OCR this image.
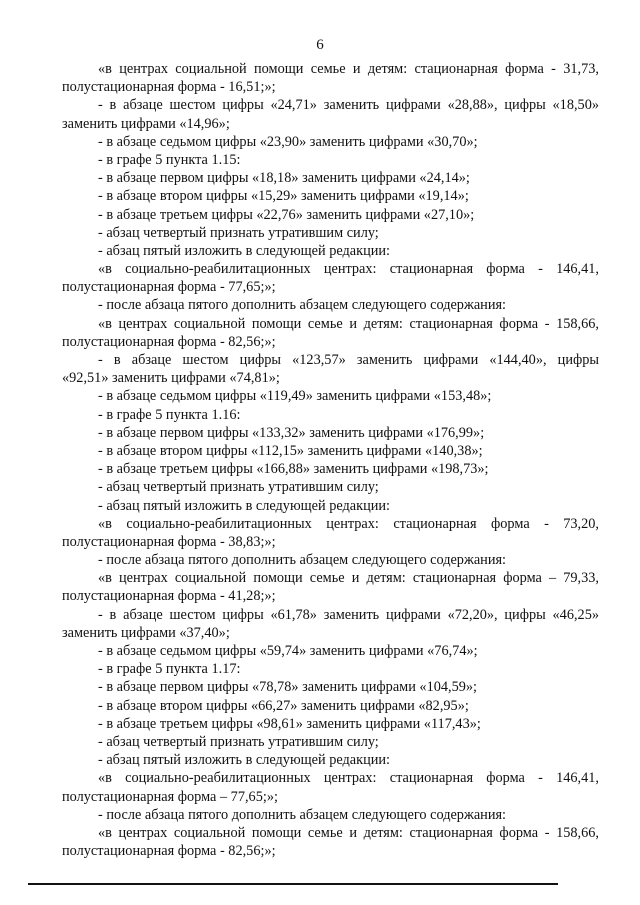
6
«в центрах социальной помощи семье и детям: стационарная форма - 31,73,
полустационарная форма - 16,51;»;
- в абзаце шестом цифры «24,71» заменить цифрами «28,88», цифры «18,50»
заменить цифрами «14,96»;
- в абзаце седьмом цифры «23,90» заменить цифрами «30,70»;
- в графе 5 пункта 1.15:
- в абзаце первом цифры «18,18» заменить цифрами «24,14»;
- в абзаце втором цифры «15,29» заменить цифрами «19,14»;
- в абзаце третьем цифры «22,76» заменить цифрами «27,10»;
- абзац четвертый признать утратившим силу;
- абзац пятый изложить в следующей редакции:
«в социально-реабилитационных центрах: стационарная форма - 146,41,
полустационарная форма - 77,65;»;
- после абзаца пятого дополнить абзацем следующего содержания:
«в центрах социальной помощи семье и детям: стационарная форма - 158,66,
полустационарная форма - 82,56;»;
- в абзаце шестом цифры «123,57» заменить цифрами «144,40», цифры
«92,51» заменить цифрами «74,81»;
- в абзаце седьмом цифры «119,49» заменить цифрами «153,48»;
- в графе 5 пункта 1.16:
- в абзаце первом цифры «133,32» заменить цифрами «176,99»;
- в абзаце втором цифры «112,15» заменить цифрами «140,38»;
- в абзаце третьем цифры «166,88» заменить цифрами «198,73»;
- абзац четвертый признать утратившим силу;
- абзац пятый изложить в следующей редакции:
«в социально-реабилитационных центрах: стационарная форма - 73,20,
полустационарная форма - 38,83;»;
- после абзаца пятого дополнить абзацем следующего содержания:
«в центрах социальной помощи семье и детям: стационарная форма – 79,33,
полустационарная форма - 41,28;»;
- в абзаце шестом цифры «61,78» заменить цифрами «72,20», цифры «46,25»
заменить цифрами «37,40»;
- в абзаце седьмом цифры «59,74» заменить цифрами «76,74»;
- в графе 5 пункта 1.17:
- в абзаце первом цифры «78,78» заменить цифрами «104,59»;
- в абзаце втором цифры «66,27» заменить цифрами «82,95»;
- в абзаце третьем цифры «98,61» заменить цифрами «117,43»;
- абзац четвертый признать утратившим силу;
- абзац пятый изложить в следующей редакции:
«в социально-реабилитационных центрах: стационарная форма - 146,41,
полустационарная форма – 77,65;»;
- после абзаца пятого дополнить абзацем следующего содержания:
«в центрах социальной помощи семье и детям: стационарная форма - 158,66,
полустационарная форма - 82,56;»;
